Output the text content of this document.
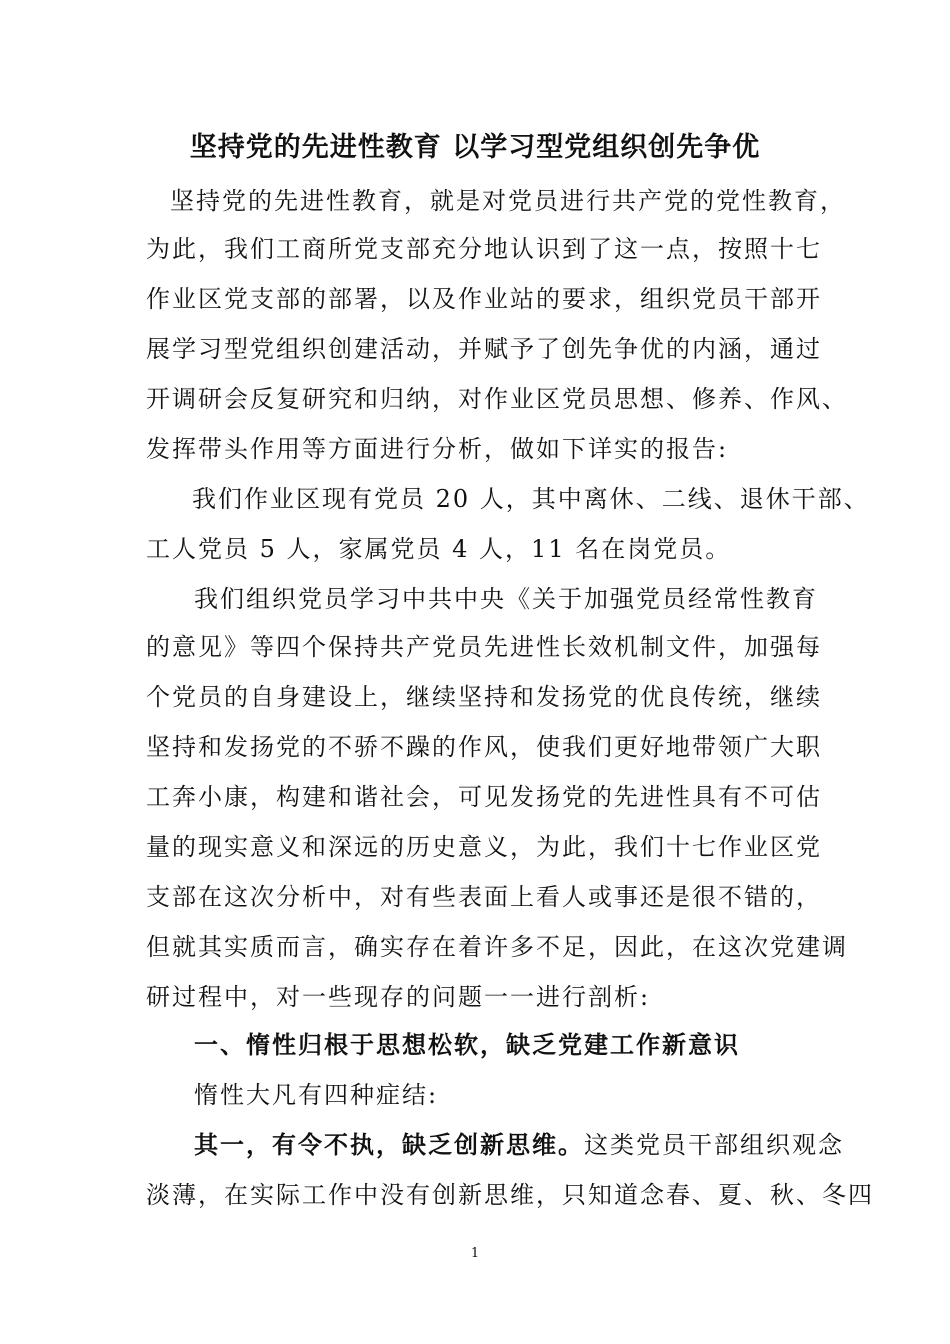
坚持党的先进性教育 以学习型党组织创先争优
坚持党的先进性教育，就是对党员进行共产党的党性教育，
为此，我们工商所党支部充分地认识到了这一点，按照十七
作业区党支部的部署，以及作业站的要求，组织党员干部开
展学习型党组织创建活动，并赋予了创先争优的内涵，通过
开调研会反复研究和归纳，对作业区党员思想、修养、作风、
发挥带头作用等方面进行分析，做如下详实的报告:
我们作业区现有党员 20 人，其中离休、二线、退休干部、
工人党员 5 人，家属党员 4 人，11 名在岗党员。
我们组织党员学习中共中央《关于加强党员经常性教育
的意见》等四个保持共产党员先进性长效机制文件，加强每
个党员的自身建设上，继续坚持和发扬党的优良传统，继续
坚持和发扬党的不骄不躁的作风，使我们更好地带领广大职
工奔小康，构建和谐社会，可见发扬党的先进性具有不可估
量的现实意义和深远的历史意义，为此，我们十七作业区党
支部在这次分析中，对有些表面上看人或事还是很不错的，
但就其实质而言，确实存在着许多不足，因此，在这次党建调
研过程中，对一些现存的问题一一进行剖析:
一、惰性归根于思想松软，缺乏党建工作新意识
惰性大凡有四种症结:
其一，有令不执，缺乏创新思维。这类党员干部组织观念
淡薄，在实际工作中没有创新思维，只知道念春、夏、秋、冬四
1
